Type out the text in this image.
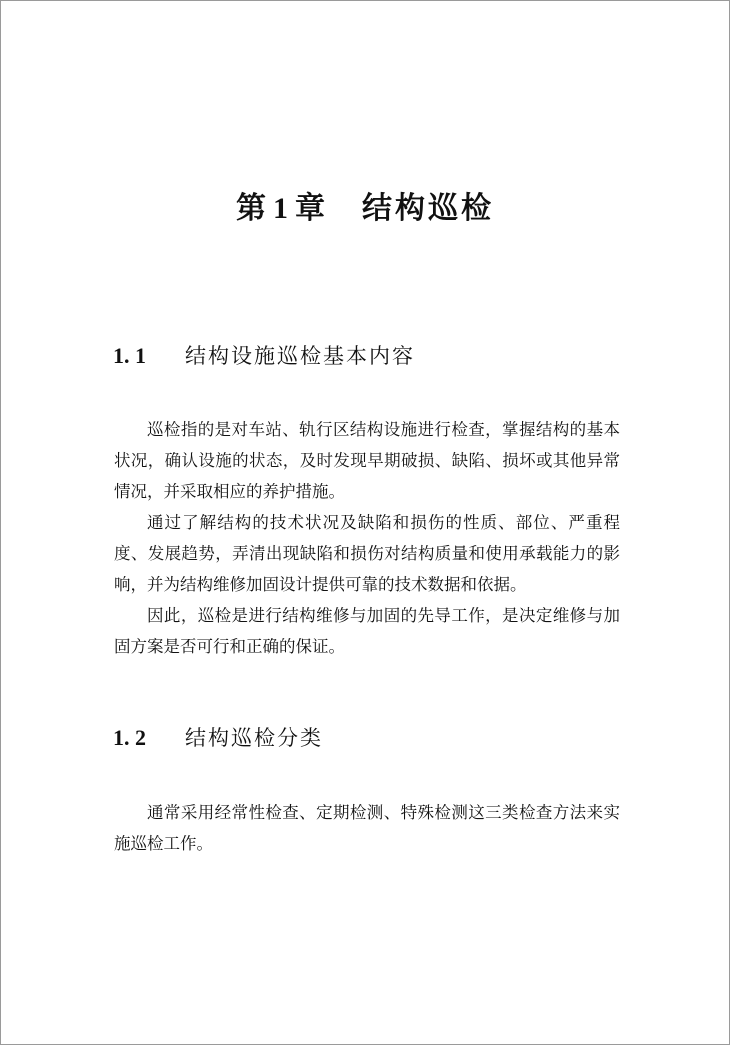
第 1 章 结构巡检
1. 1 结构设施巡检基本内容

巡检指的是对车站、轨行区结构设施进行检查，掌握结构的基本状况，确认设施的状态，及时发现早期破损、缺陷、损坏或其他异常情况，并采取相应的养护措施。

通过了解结构的技术状况及缺陷和损伤的性质、部位、严重程度、发展趋势，弄清出现缺陷和损伤对结构质量和使用承载能力的影响，并为结构维修加固设计提供可靠的技术数据和依据。

因此，巡检是进行结构维修与加固的先导工作，是决定维修与加固方案是否可行和正确的保证。

1. 2 结构巡检分类

通常采用经常性检查、定期检测、特殊检测这三类检查方法来实施巡检工作。
